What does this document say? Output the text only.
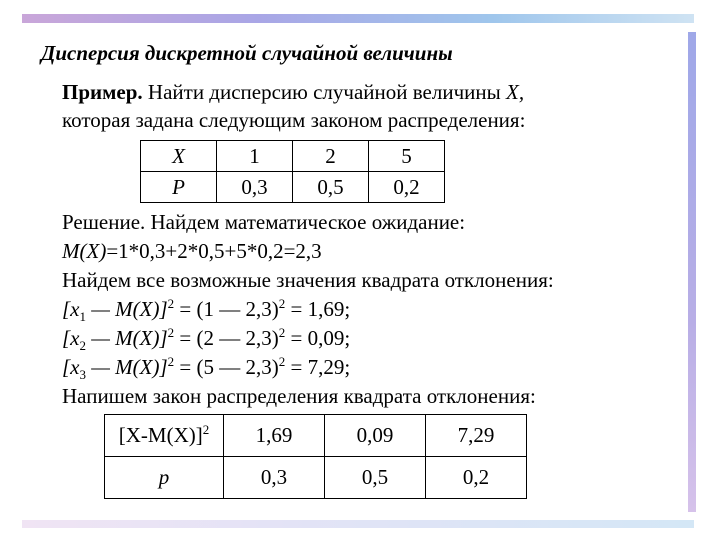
Дисперсия дискретной случайной величины
Пример. Найти дисперсию случайной величины X,
которая задана следующим законом распределения:
X	1	2	5
P	0,3	0,5	0,2
Решение. Найдем математическое ожидание:
M(X)=1*0,3+2*0,5+5*0,2=2,3
Найдем все возможные значения квадрата отклонения:
[$x_1$ — M(X)]$^2$ = (1 — 2,3)$^2$ = 1,69;
[$x_2$ — M(X)]$^2$ = (2 — 2,3)$^2$ = 0,09;
[$x_3$ — M(X)]$^2$ = (5 — 2,3)$^2$ = 7,29;
Напишем закон распределения квадрата отклонения:
$[X-M(X)]^2$	1,69	0,09	7,29
p	0,3	0,5	0,2
